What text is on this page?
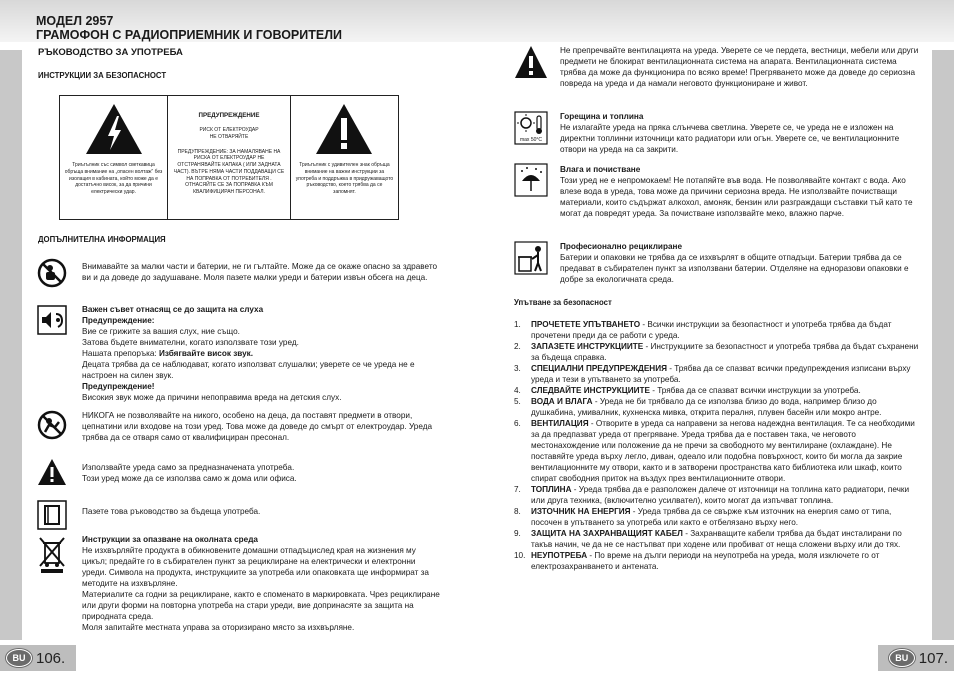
МОДЕЛ 2957
ГРАМОФОН С РАДИОПРИЕМНИК И ГОВОРИТЕЛИ
РЪКОВОДСТВО ЗА УПОТРЕБА
ИНСТРУКЦИИ ЗА БЕЗОПАСНОСТ
Триъгълник със символ светкавица обръща внимание на „опасен волтаж“ без изолация в кабината, който може да е достатъчно висок, за да причини електрически удар.
ПРЕДУПРЕЖДЕНИЕ
РИСК ОТ ЕЛЕКТРОУДАР
НЕ ОТВАРЯЙТЕ
ПРЕДУПРЕЖДЕНИЕ: ЗА НАМАЛЯВАНЕ НА РИСКА ОТ ЕЛЕКТРОУДАР НЕ ОТСТРАНЯВАЙТЕ КАПАКА ( ИЛИ ЗАДНАТА ЧАСТ). ВЪТРЕ НЯМА ЧАСТИ ПОДДАВАЩИ СЕ НА ПОПРАВКА ОТ ПОТРЕБИТЕЛЯ . ОТНАСЯЙТЕ СЕ ЗА ПОПРАВКА КЪМ КВАЛИФИЦИРАН ПЕРСОНАЛ.
Триъгълник с удивителен знак обръща внимание на важни инструкции за употреба и поддръжка в придружаващото ръководство, което трябва да се запомнят.
ДОПЪЛНИТЕЛНА ИНФОРМАЦИЯ
Внимавайте за малки части и батерии, не ги гълтайте. Може да се окаже опасно за здравето ви и да доведе до задушаване. Моля пазете малки уреди и батерии извън обсега на деца.

Важен съвет отнасящ се до защита на слуха

Предупреждение:

Вие се грижите за вашия слух, ние също.

Затова бъдете внимателни, когато използвате този уред.

Нашата препоръка: Избягвайте висок звук.

Децата трябва да се наблюдават, когато използват слушалки; уверете се че уреда не е настроен на силен звук.

Предупреждение!

Високия звук може да причини непоправима вреда на детския слух.

НИКОГА не позволявайте на никого, особено на деца, да поставят предмети в отвори, цепнатини или входове на този уред. Това може да доведе до смърт от електроудар. Уреда трябва да се отваря само от квалифициран пресонал.

Използвайте уреда само за предназначената употребa.

Този уред може да се използва само ж дома или офиса.

Пазете това ръководство за бъдеща употреба.

Инструкции за опазване на околната среда

Не изхвърляйте продукта в обикновените домашни отпадъцислед края на жизнения му цикъл; предайте го в събирателен пункт за рециклиране на електрически и електронни уреди. Символа на продукта, инструкциите за употреба или опаковката ще информират за методите на изхвърляне.

Материалите са годни за рециклиране, както е споменато в маркировката. Чрез рециклиране или други форми на повторна употреба на стари уреди, вие допринасяте за защита на природната среда.

Моля запитайте местната управа за оторизирано място за изхвърляне.

BU 106.
Не препречвайте вентилацията на уреда. Уверете се че пердета, вестници, мебели или други предмети не блокират вентилационната система на апарата. Вентилационната система трябва да може да функционира по всяко време! Прегряването може да доведе до сериозна повреда на уреда и да намали неговото функциониране и живот.
max 50°C

Горещина и топлина

Не излагайте уреда на пряка слънчева светлина. Уверете се, че уреда не е изложен на директни топлинни източници като радиатори или огън. Уверете се, че вентилационните отвори на уреда на са закрити.

Влага и почистване

Този уред не е непромокаем! Не потапяйте във вода. Не позволявайте контакт с вода. Ако влезе вода в уреда, това може да причини сериозна вреда. Не използвайте почистващи материали, които съдържат алкохол, амоняк, бензин или разграждащи съставки тъй като те могат да повредят уреда. За почистване използвайте меко, влажно парче.

Професионално рециклиране

Батерии и опаковки не трябва да се изхвърлят в общите отпадъци. Батерии трябва да се предават в събирателен пункт за използвани батерии. Отделяне на едноразови опаковки е добре за екологичната среда.

Упътване за безопасност
1.	ПРОЧЕТЕТЕ УПЪТВАНЕТО - Всички инструкции за безопастност и употреба трябва да бъдат прочетени преди да се работи с уреда.
2.	ЗАПАЗЕТЕ ИНСТРУКЦИИТЕ - Инструкциите за безопастност и употреба трябва да бъдат съхранени за бъдеща справка.
3.	СПЕЦИАЛНИ ПРЕДУПРЕЖДЕНИЯ - Трябва да се спазват всички предупреждения изписани върху уреда и тези в упътването за употреба.
4.	СЛЕДВАЙТЕ ИНСТРУКЦИИТЕ - Трябва да се спазват всички инструкции за употреба.
5.	ВОДА И ВЛАГА - Уреда не би трябвало да се използва близо до вода, например близо до душкабина, умивалник, кухненска мивка, открита пералня, плувен басейн или мокро антре.
6.	ВЕНТИЛАЦИЯ - Отворите в уреда са направени за негова надеждна вентилация. Те са необходими за да предпазват уреда от прегряване. Уреда трябва да е поставен така, че неговото местонахождение или положение да не пречи за свободното му вентилиране (охлаждане). Не поставяйте уреда върху легло, диван, одеало или подобна повърхност, които би могла да закрие вентилационните му отвори, както и в затворени пространства като библиотека или шкаф, които спират свободния приток на въздух през вентилационните отвори.
7.	ТОПЛИНА - Уреда трябва да е разположен далече от източници на топлина като радиатори, печки или друга техника, (включително усилвател), които могат да изпъчват топлина.
8.	ИЗТОЧНИК НА ЕНЕРГИЯ - Уреда трябва да се свърже към източник на енергия само от типа, посочен в упътването за употреба или както е отбелязано върху него.
9.	ЗАЩИТА НА ЗАХРАНВАЩИЯТ КАБЕЛ - Захранващите кабели трябва да бъдат инсталирани по такъв начин, че да не се настъпват при ходене или пробиват от неща сложени върху или до тях.
10. НЕУПОТРЕБА - По време на дълги периоди на неупотреба на уреда, моля изключете го от електрозахранването и антената.
BU 107.
